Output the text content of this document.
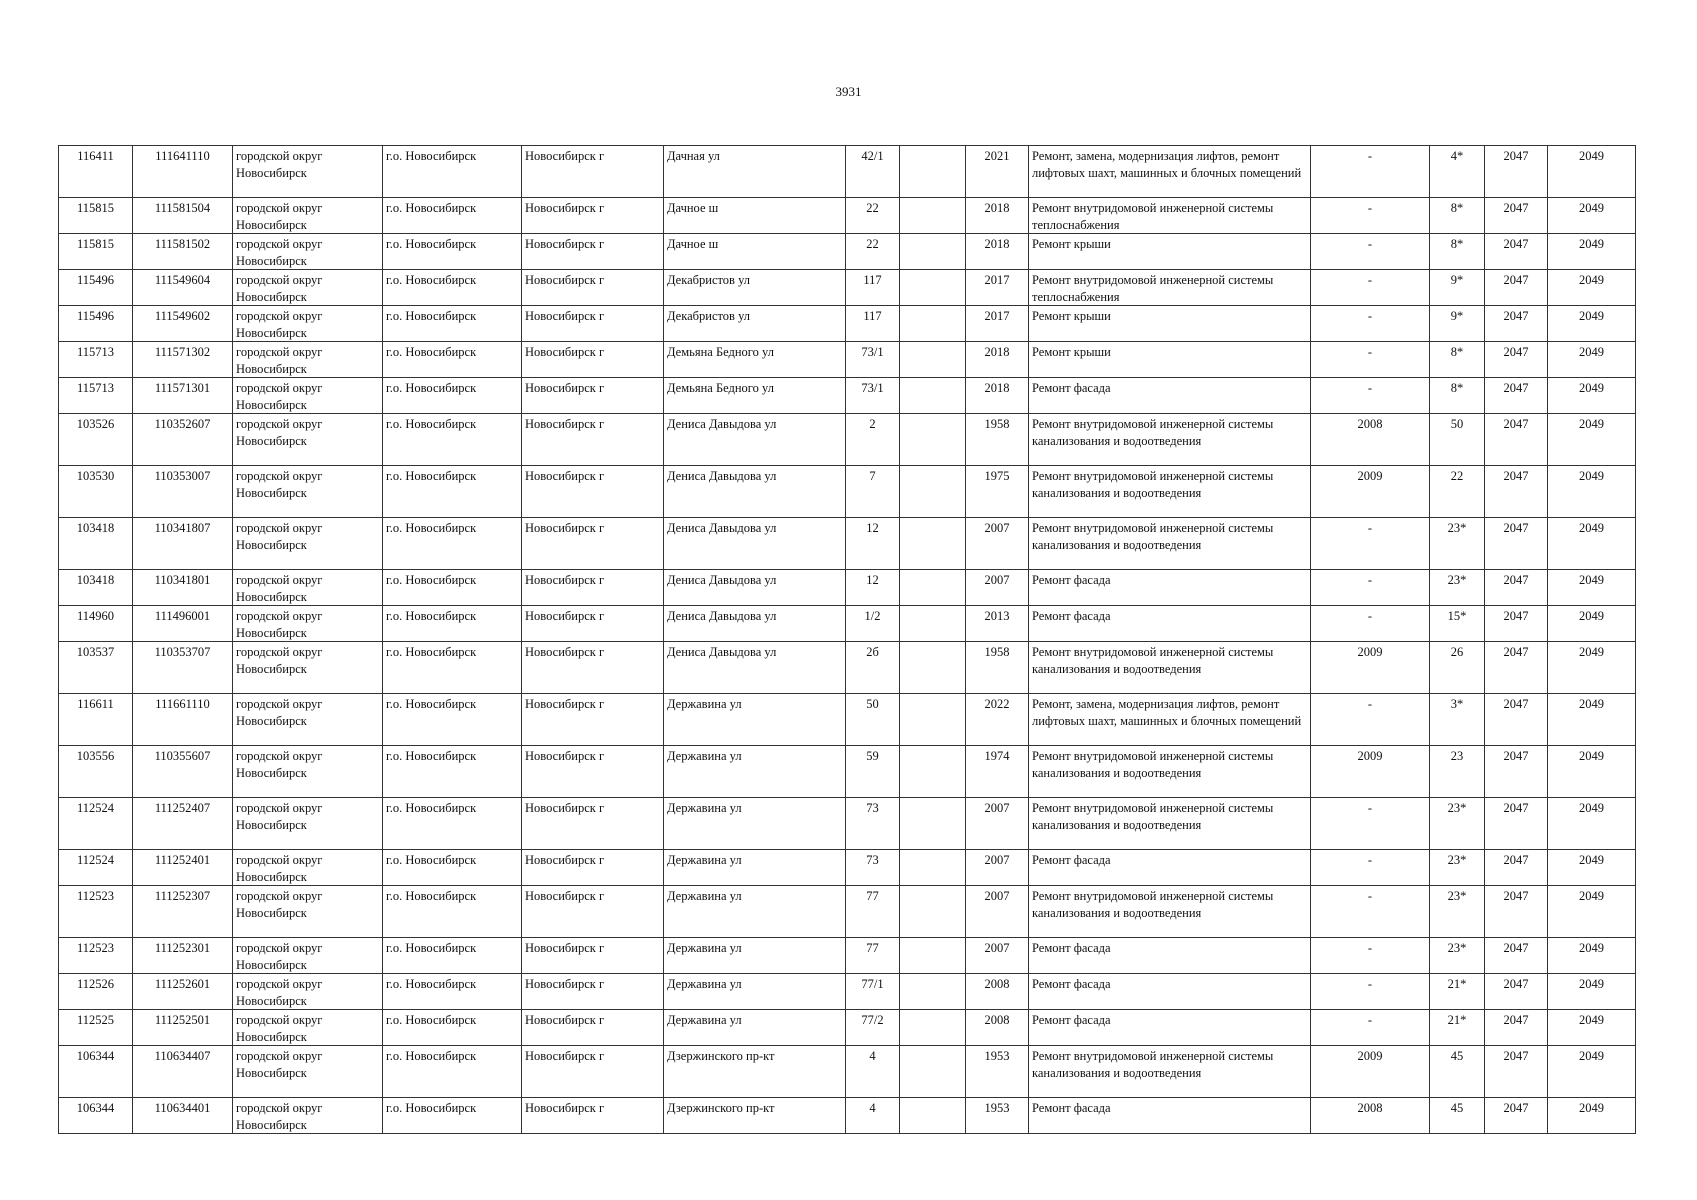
3931
116411	111641110	городской округ Новосибирск	г.о. Новосибирск	Новосибирск г	Дачная ул	42/1		2021	Ремонт, замена, модернизация лифтов, ремонт лифтовых шахт, машинных и блочных помещений	-	4*	2047	2049
115815	111581504	городской округ Новосибирск	г.о. Новосибирск	Новосибирск г	Дачное ш	22		2018	Ремонт внутридомовой инженерной системы теплоснабжения	-	8*	2047	2049
115815	111581502	городской округ Новосибирск	г.о. Новосибирск	Новосибирск г	Дачное ш	22		2018	Ремонт крыши	-	8*	2047	2049
115496	111549604	городской округ Новосибирск	г.о. Новосибирск	Новосибирск г	Декабристов ул	117		2017	Ремонт внутридомовой инженерной системы теплоснабжения	-	9*	2047	2049
115496	111549602	городской округ Новосибирск	г.о. Новосибирск	Новосибирск г	Декабристов ул	117		2017	Ремонт крыши	-	9*	2047	2049
115713	111571302	городской округ Новосибирск	г.о. Новосибирск	Новосибирск г	Демьяна Бедного ул	73/1		2018	Ремонт крыши	-	8*	2047	2049
115713	111571301	городской округ Новосибирск	г.о. Новосибирск	Новосибирск г	Демьяна Бедного ул	73/1		2018	Ремонт фасада	-	8*	2047	2049
103526	110352607	городской округ Новосибирск	г.о. Новосибирск	Новосибирск г	Дениса Давыдова ул	2		1958	Ремонт внутридомовой инженерной системы канализования и водоотведения	2008	50	2047	2049
103530	110353007	городской округ Новосибирск	г.о. Новосибирск	Новосибирск г	Дениса Давыдова ул	7		1975	Ремонт внутридомовой инженерной системы канализования и водоотведения	2009	22	2047	2049
103418	110341807	городской округ Новосибирск	г.о. Новосибирск	Новосибирск г	Дениса Давыдова ул	12		2007	Ремонт внутридомовой инженерной системы канализования и водоотведения	-	23*	2047	2049
103418	110341801	городской округ Новосибирск	г.о. Новосибирск	Новосибирск г	Дениса Давыдова ул	12		2007	Ремонт фасада	-	23*	2047	2049
114960	111496001	городской округ Новосибирск	г.о. Новосибирск	Новосибирск г	Дениса Давыдова ул	1/2		2013	Ремонт фасада	-	15*	2047	2049
103537	110353707	городской округ Новосибирск	г.о. Новосибирск	Новосибирск г	Дениса Давыдова ул	2б		1958	Ремонт внутридомовой инженерной системы канализования и водоотведения	2009	26	2047	2049
116611	111661110	городской округ Новосибирск	г.о. Новосибирск	Новосибирск г	Державина ул	50		2022	Ремонт, замена, модернизация лифтов, ремонт лифтовых шахт, машинных и блочных помещений	-	3*	2047	2049
103556	110355607	городской округ Новосибирск	г.о. Новосибирск	Новосибирск г	Державина ул	59		1974	Ремонт внутридомовой инженерной системы канализования и водоотведения	2009	23	2047	2049
112524	111252407	городской округ Новосибирск	г.о. Новосибирск	Новосибирск г	Державина ул	73		2007	Ремонт внутридомовой инженерной системы канализования и водоотведения	-	23*	2047	2049
112524	111252401	городской округ Новосибирск	г.о. Новосибирск	Новосибирск г	Державина ул	73		2007	Ремонт фасада	-	23*	2047	2049
112523	111252307	городской округ Новосибирск	г.о. Новосибирск	Новосибирск г	Державина ул	77		2007	Ремонт внутридомовой инженерной системы канализования и водоотведения	-	23*	2047	2049
112523	111252301	городской округ Новосибирск	г.о. Новосибирск	Новосибирск г	Державина ул	77		2007	Ремонт фасада	-	23*	2047	2049
112526	111252601	городской округ Новосибирск	г.о. Новосибирск	Новосибирск г	Державина ул	77/1		2008	Ремонт фасада	-	21*	2047	2049
112525	111252501	городской округ Новосибирск	г.о. Новосибирск	Новосибирск г	Державина ул	77/2		2008	Ремонт фасада	-	21*	2047	2049
106344	110634407	городской округ Новосибирск	г.о. Новосибирск	Новосибирск г	Дзержинского пр-кт	4		1953	Ремонт внутридомовой инженерной системы канализования и водоотведения	2009	45	2047	2049
106344	110634401	городской округ Новосибирск	г.о. Новосибирск	Новосибирск г	Дзержинского пр-кт	4		1953	Ремонт фасада	2008	45	2047	2049
